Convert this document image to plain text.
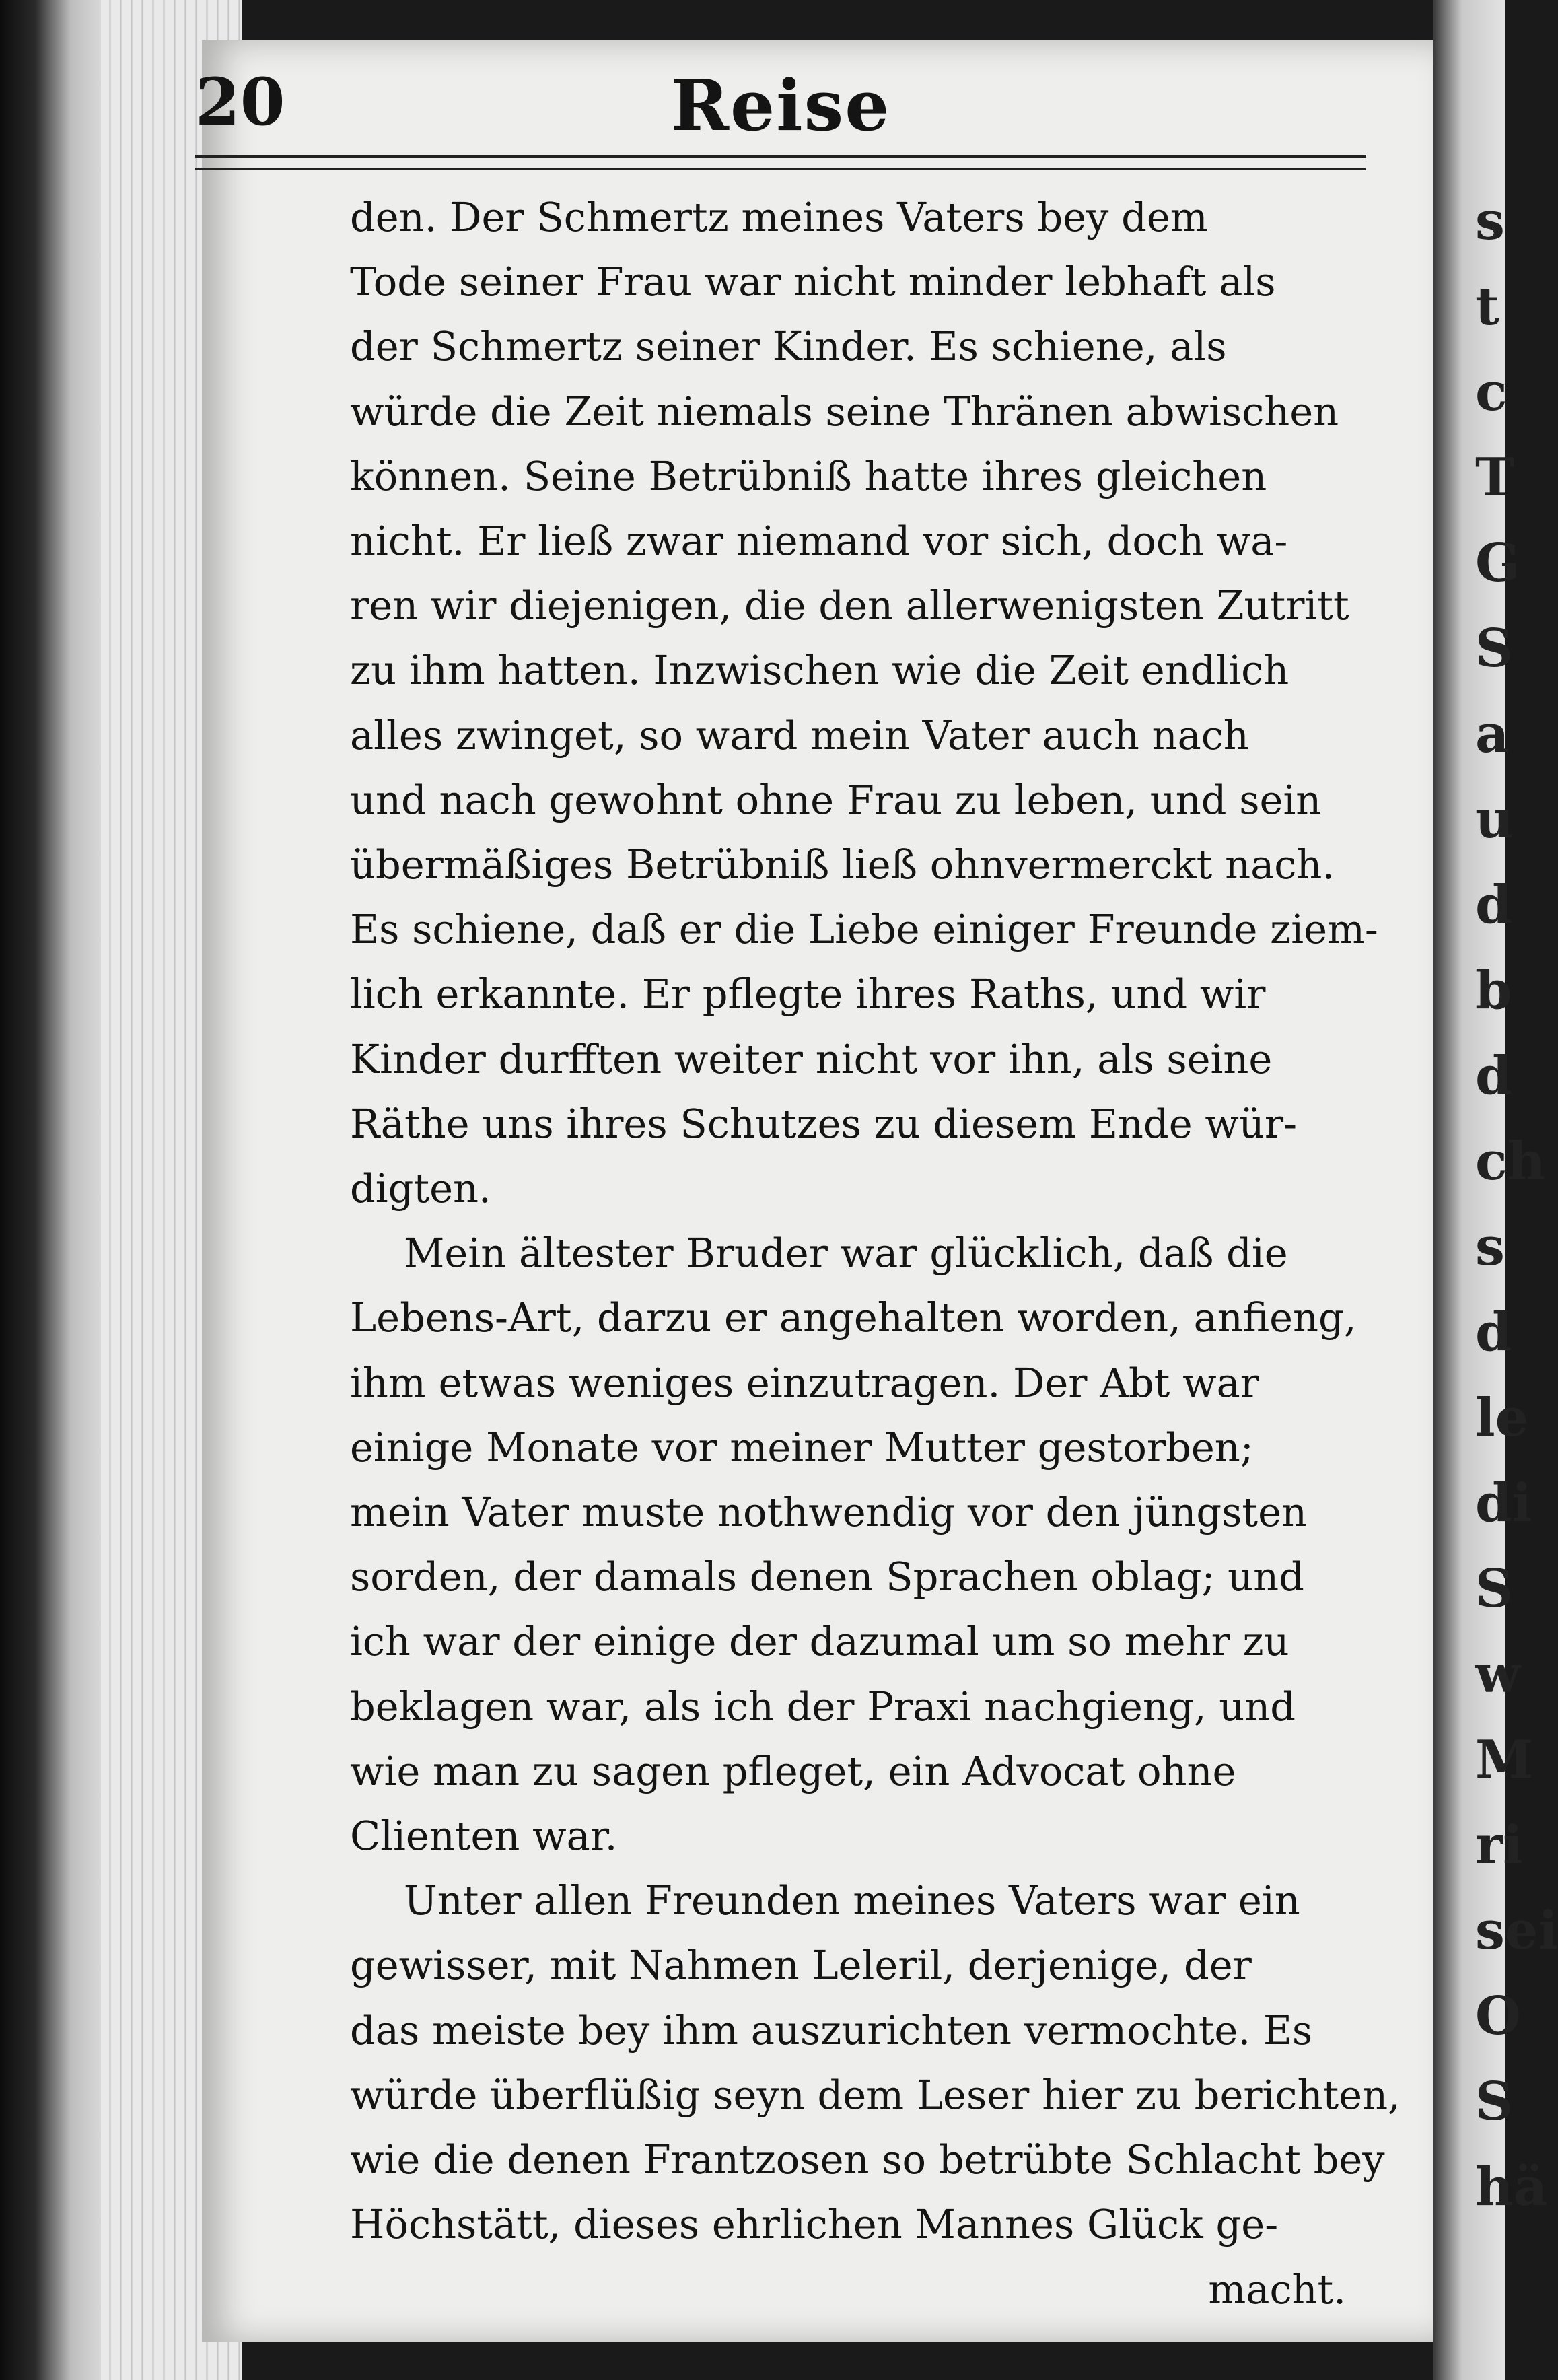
s
t
c
T
G
S
a
u
d
b
d
ch
s
d
le
di
S
w
M
ri
sei
O
S
hä
20	Reise
den. Der Schmertz meines Vaters bey dem
Tode seiner Frau war nicht minder lebhaft als
der Schmertz seiner Kinder. Es schiene, als
würde die Zeit niemals seine Thränen abwischen
können. Seine Betrübniß hatte ihres gleichen
nicht. Er ließ zwar niemand vor sich, doch wa-
ren wir diejenigen, die den allerwenigsten Zutritt
zu ihm hatten. Inzwischen wie die Zeit endlich
alles zwinget, so ward mein Vater auch nach
und nach gewohnt ohne Frau zu leben, und sein
übermäßiges Betrübniß ließ ohnvermerckt nach.
Es schiene, daß er die Liebe einiger Freunde ziem-
lich erkannte. Er pflegte ihres Raths, und wir
Kinder durfften weiter nicht vor ihn, als seine
Räthe uns ihres Schutzes zu diesem Ende wür-
digten.
Mein ältester Bruder war glücklich, daß die
Lebens-Art, darzu er angehalten worden, anfieng,
ihm etwas weniges einzutragen. Der Abt war
einige Monate vor meiner Mutter gestorben;
mein Vater muste nothwendig vor den jüngsten
sorden, der damals denen Sprachen oblag; und
ich war der einige der dazumal um so mehr zu
beklagen war, als ich der Praxi nachgieng, und
wie man zu sagen pfleget, ein Advocat ohne
Clienten war.
Unter allen Freunden meines Vaters war ein
gewisser, mit Nahmen Leleril, derjenige, der
das meiste bey ihm auszurichten vermochte. Es
würde überflüßig seyn dem Leser hier zu berichten,
wie die denen Frantzosen so betrübte Schlacht bey
Höchstätt, dieses ehrlichen Mannes Glück ge-
macht.
